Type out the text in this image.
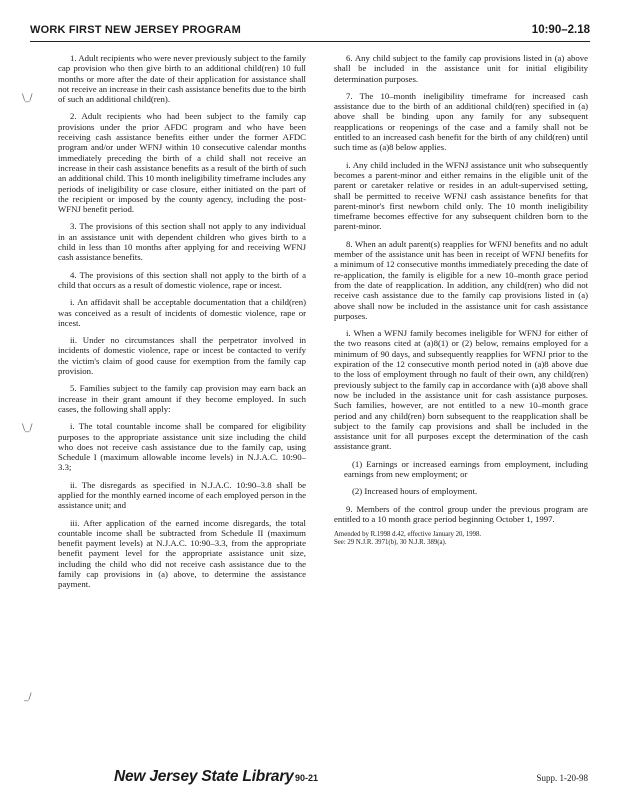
WORK FIRST NEW JERSEY PROGRAM	10:90–2.18
\_/
\_/
_/

1. Adult recipients who were never previously subject to the family cap provision who then give birth to an additional child(ren) 10 full months or more after the date of their application for assistance shall not receive an increase in their cash assistance benefits due to the birth of such an additional child(ren).

2. Adult recipients who had been subject to the family cap provisions under the prior AFDC program and who have been receiving cash assistance benefits either under the former AFDC program and/or under WFNJ within 10 consecutive calendar months immediately preceding the birth of a child shall not receive an increase in their cash assistance benefits as a result of the birth of such an additional child. This 10 month ineligibility timeframe includes any periods of ineligibility or case closure, either initiated on the part of the recipient or imposed by the county agency, including the post-WFNJ benefit period.

3. The provisions of this section shall not apply to any individual in an assistance unit with dependent children who gives birth to a child in less than 10 months after applying for and receiving WFNJ cash assistance benefits.

4. The provisions of this section shall not apply to the birth of a child that occurs as a result of domestic violence, rape or incest.

i. An affidavit shall be acceptable documentation that a child(ren) was conceived as a result of incidents of domestic violence, rape or incest.

ii. Under no circumstances shall the perpetrator involved in incidents of domestic violence, rape or incest be contacted to verify the victim's claim of good cause for exemption from the family cap provision.

5. Families subject to the family cap provision may earn back an increase in their grant amount if they become employed. In such cases, the following shall apply:

i. The total countable income shall be compared for eligibility purposes to the appropriate assistance unit size including the child who does not receive cash assistance due to the family cap, using Schedule I (maximum allowable income levels) in N.J.A.C. 10:90–3.3;

ii. The disregards as specified in N.J.A.C. 10:90–3.8 shall be applied for the monthly earned income of each employed person in the assistance unit; and

iii. After application of the earned income disregards, the total countable income shall be subtracted from Schedule II (maximum benefit payment levels) at N.J.A.C. 10:90–3.3, from the appropriate benefit payment level for the appropriate assistance unit size, including the child who did not receive cash assistance due to the family cap provisions in (a) above, to determine the assistance payment.

6. Any child subject to the family cap provisions listed in (a) above shall be included in the assistance unit for initial eligibility determination purposes.

7. The 10–month ineligibility timeframe for increased cash assistance due to the birth of an additional child(ren) specified in (a) above shall be binding upon any family for any subsequent reapplications or reopenings of the case and a family shall not be entitled to an increased cash benefit for the birth of any child(ren) until such time as (a)8 below applies.

i. Any child included in the WFNJ assistance unit who subsequently becomes a parent-minor and either remains in the eligible unit of the parent or caretaker relative or resides in an adult-supervised setting, shall be permitted to receive WFNJ cash assistance benefits for that parent-minor's first newborn child only. The 10 month ineligibility timeframe becomes effective for any subsequent children born to the parent-minor.

8. When an adult parent(s) reapplies for WFNJ benefits and no adult member of the assistance unit has been in receipt of WFNJ benefits for a minimum of 12 consecutive months immediately preceding the date of re-application, the family is eligible for a new 10–month grace period from the date of reapplication. In addition, any child(ren) who did not receive cash assistance due to the family cap provisions listed in (a) above shall now be included in the assistance unit for cash assistance purposes.

i. When a WFNJ family becomes ineligible for WFNJ for either of the two reasons cited at (a)8(1) or (2) below, remains employed for a minimum of 90 days, and subsequently reapplies for WFNJ prior to the expiration of the 12 consecutive month period noted in (a)8 above due to the loss of employment through no fault of their own, any child(ren) previously subject to the family cap in accordance with (a)8 above shall now be included in the assistance unit for cash assistance purposes. Such families, however, are not entitled to a new 10–month grace period and any child(ren) born subsequent to the reapplication shall be subject to the family cap provisions and shall be included in the assistance unit for all purposes except the determination of the cash assistance grant.

(1) Earnings or increased earnings from employment, including earnings from new employment; or

(2) Increased hours of employment.

9. Members of the control group under the previous program are entitled to a 10 month grace period beginning October 1, 1997.

Amended by R.1998 d.42, effective January 20, 1998.
See: 29 N.J.R. 3971(b), 30 N.J.R. 389(a).
New Jersey State Library 90-21	Supp. 1-20-98
